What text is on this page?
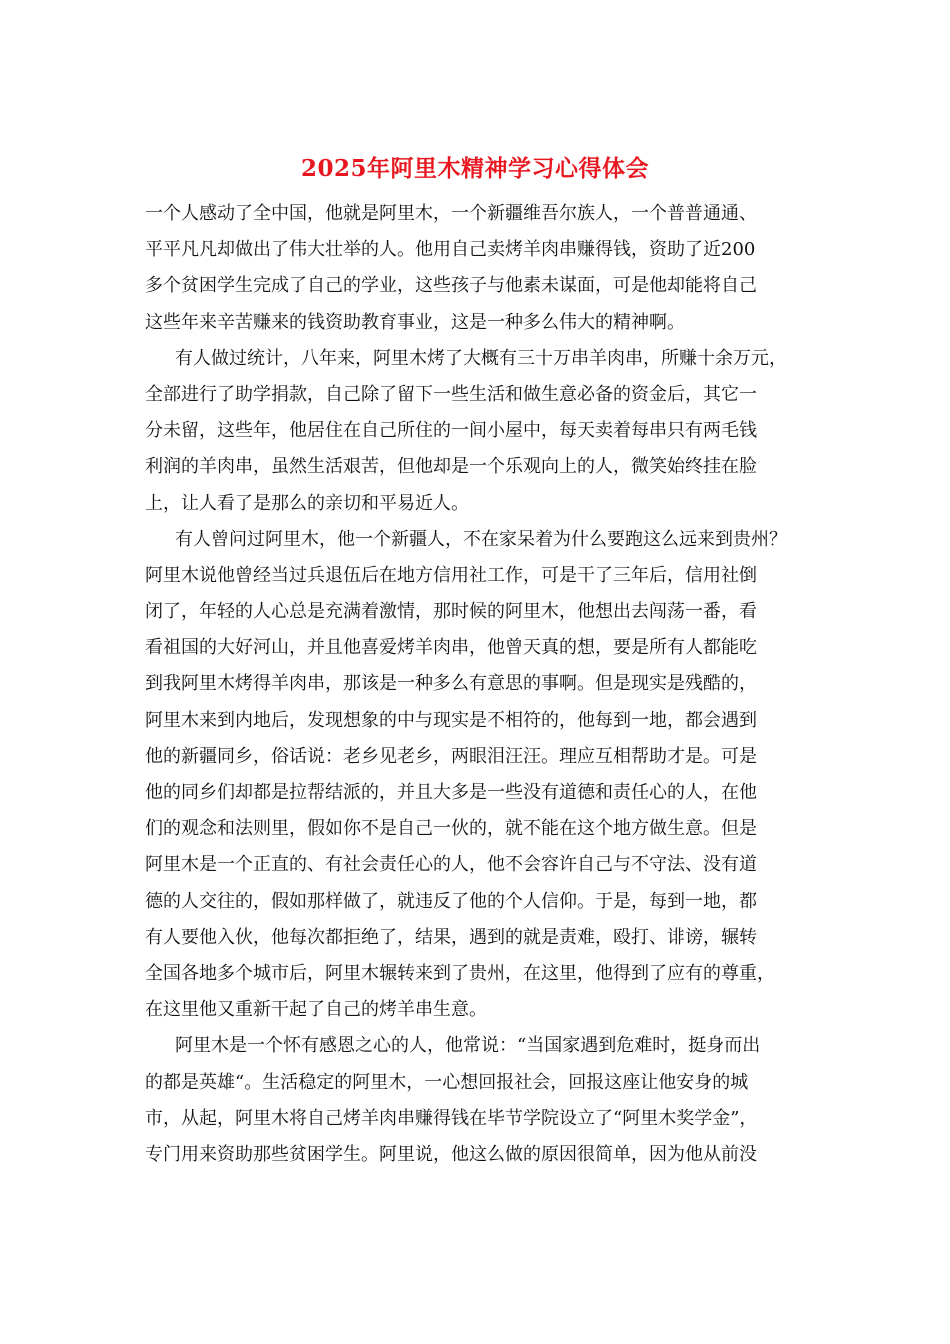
2025年阿里木精神学习心得体会
一个人感动了全中国，他就是阿里木，一个新疆维吾尔族人，一个普普通通、
平平凡凡却做出了伟大壮举的人。他用自己卖烤羊肉串赚得钱，资助了近200
多个贫困学生完成了自己的学业，这些孩子与他素未谋面，可是他却能将自己
这些年来辛苦赚来的钱资助教育事业，这是一种多么伟大的精神啊。
有人做过统计，八年来，阿里木烤了大概有三十万串羊肉串，所赚十余万元，
全部进行了助学捐款，自己除了留下一些生活和做生意必备的资金后，其它一
分未留，这些年，他居住在自己所住的一间小屋中，每天卖着每串只有两毛钱
利润的羊肉串，虽然生活艰苦，但他却是一个乐观向上的人，微笑始终挂在脸
上，让人看了是那么的亲切和平易近人。
有人曾问过阿里木，他一个新疆人，不在家呆着为什么要跑这么远来到贵州？
阿里木说他曾经当过兵退伍后在地方信用社工作，可是干了三年后，信用社倒
闭了，年轻的人心总是充满着激情，那时候的阿里木，他想出去闯荡一番，看
看祖国的大好河山，并且他喜爱烤羊肉串，他曾天真的想，要是所有人都能吃
到我阿里木烤得羊肉串，那该是一种多么有意思的事啊。但是现实是残酷的，
阿里木来到内地后，发现想象的中与现实是不相符的，他每到一地，都会遇到
他的新疆同乡，俗话说：老乡见老乡，两眼泪汪汪。理应互相帮助才是。可是
他的同乡们却都是拉帮结派的，并且大多是一些没有道德和责任心的人，在他
们的观念和法则里，假如你不是自己一伙的，就不能在这个地方做生意。但是
阿里木是一个正直的、有社会责任心的人，他不会容许自己与不守法、没有道
德的人交往的，假如那样做了，就违反了他的个人信仰。于是，每到一地，都
有人要他入伙，他每次都拒绝了，结果，遇到的就是责难，殴打、诽谤，辗转
全国各地多个城市后，阿里木辗转来到了贵州，在这里，他得到了应有的尊重，
在这里他又重新干起了自己的烤羊串生意。
阿里木是一个怀有感恩之心的人，他常说：“当国家遇到危难时，挺身而出
的都是英雄“。生活稳定的阿里木，一心想回报社会，回报这座让他安身的城
市，从起，阿里木将自己烤羊肉串赚得钱在毕节学院设立了“阿里木奖学金”，
专门用来资助那些贫困学生。阿里说，他这么做的原因很简单，因为他从前没
